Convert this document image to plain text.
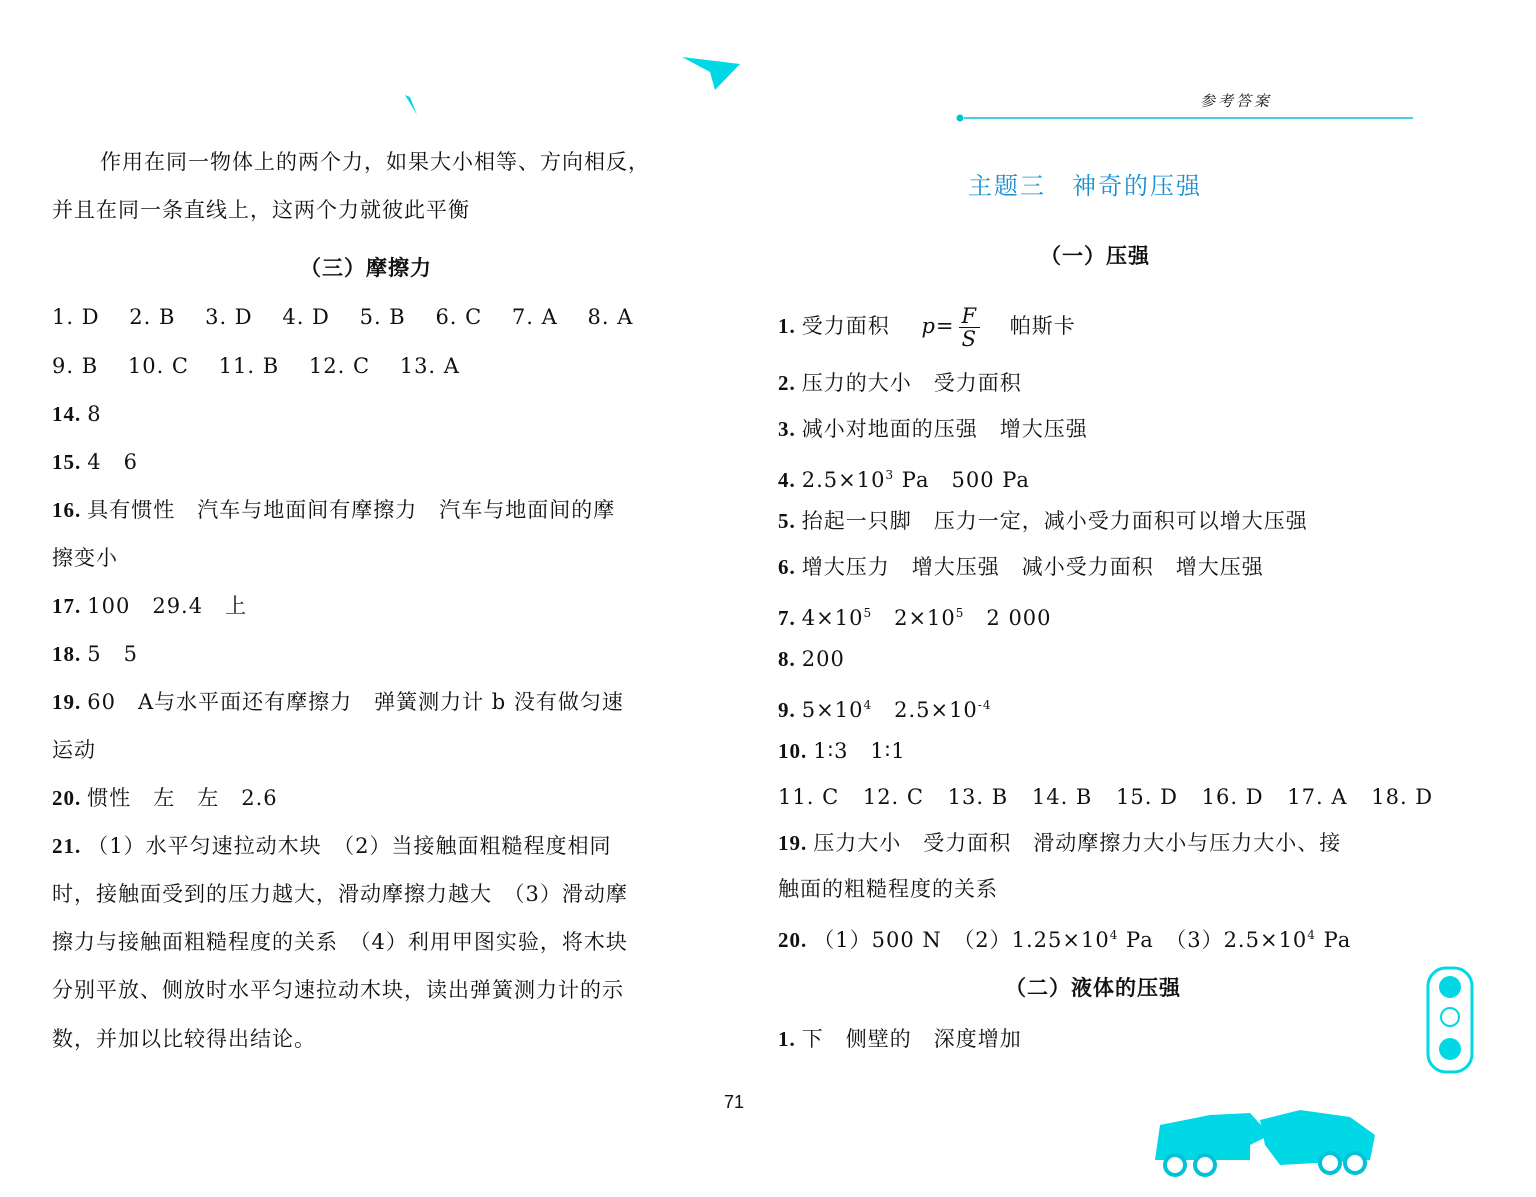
参考答案
作用在同一物体上的两个力，如果大小相等、方向相反，
并且在同一条直线上，这两个力就彼此平衡
（三）摩擦力
1. D 2. B 3. D 4. D 5. B 6. C 7. A 8. A
9. B 10. C 11. B 12. C 13. A
14. 8
15. 4　6
16. 具有惯性　汽车与地面间有摩擦力　汽车与地面间的摩
擦变小
17. 100　29.4　上
18. 5　5
19. 60　A与水平面还有摩擦力　弹簧测力计 b 没有做匀速
运动
20. 惯性　左　左　2.6
21. （1）水平匀速拉动木块　（2）当接触面粗糙程度相同
时，接触面受到的压力越大，滑动摩擦力越大　（3）滑动摩
擦力与接触面粗糙程度的关系　（4）利用甲图实验，将木块
分别平放、侧放时水平匀速拉动木块，读出弹簧测力计的示
数，并加以比较得出结论。
71
主题三　神奇的压强
（一）压强
1. 受力面积 $p= \frac{F}{S}$ 帕斯卡
2. 压力的大小　受力面积
3. 减小对地面的压强　增大压强
4. $2.5\times 10^3$ Pa　500 Pa
5. 抬起一只脚　压力一定，减小受力面积可以增大压强
6. 增大压力　增大压强　减小受力面积　增大压强
7. $4\times 10^5$　$2\times 10^5$　2 000
8. 200
9. $5\times 10^4$　$2.5\times 10^{-4}$
10. 1∶3　1∶1
11. C 12. C 13. B 14. B 15. D 16. D 17. A 18. D
19. 压力大小　受力面积　滑动摩擦力大小与压力大小、接
触面的粗糙程度的关系
20. （1）500 N　$(2)1.25\times 10^4$ Pa　$(3)2.5\times 10^4$ Pa
（二）液体的压强
1. 下　侧壁的　深度增加
